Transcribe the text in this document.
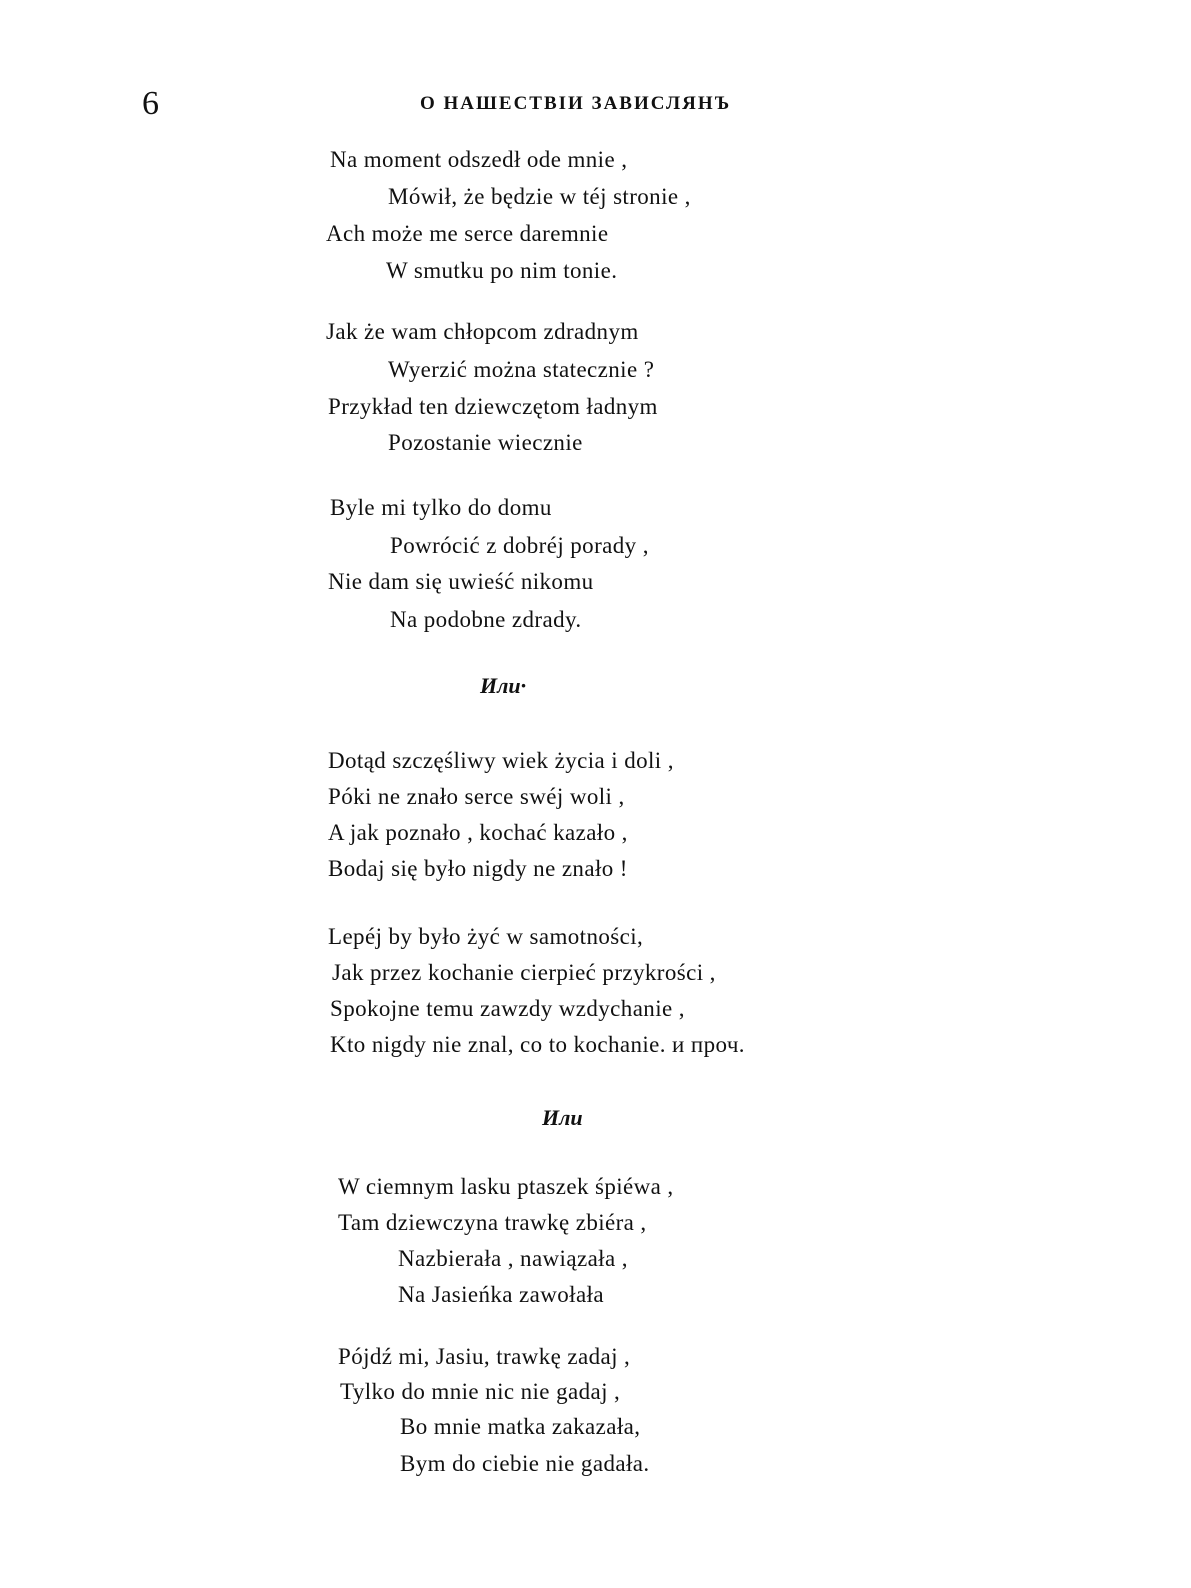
6	О НАШЕСТВІИ ЗАВИСЛЯНЪ
Na moment odszedł ode mnie ,
Mówił, że będzie w téj stronie ,
Ach może me serce daremnie
W smutku po nim tonie.
Jak że wam chłopcom zdradnym
Wyerzić można statecznie ?
Przykład ten dziewczętom ładnym
Pozostanie wiecznie
Byle mi tylko do domu
Powrócić z dobréj porady ,
Nie dam się uwieść nikomu
Na podobne zdrady.
Или·
Dotąd szczęśliwy wiek życia i doli ,
Póki ne znało serce swéj woli ,
A jak poznało , kochać kazało ,
Bodaj się było nigdy ne znało !
Lepéj by było żyć w samotności,
Jak przez kochanie cierpieć przykrości ,
Spokojne temu zawzdy wzdychanie ,
Kto nigdy nie znal, co to kochanie. и проч.
Или
W ciemnym lasku ptaszek śpiéwa ,
Tam dziewczyna trawkę zbiéra ,
Nazbierała , nawiązała ,
Na Jasieńka zawołała
Pójdź mi, Jasiu, trawkę zadaj ,
Tylko do mnie nic nie gadaj ,
Bo mnie matka zakazała,
Bym do ciebie nie gadała.
